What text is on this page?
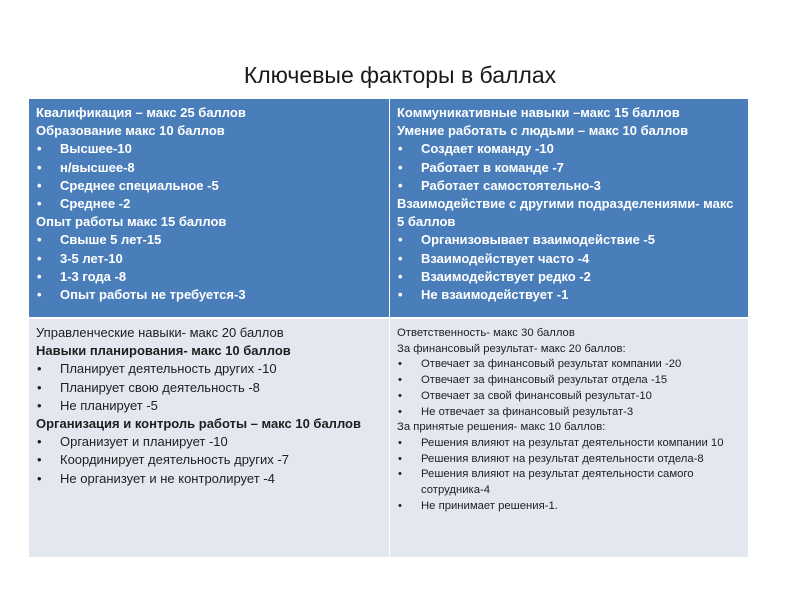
Ключевые факторы в баллах
Квалификация – макс 25 баллов
Образование макс 10 баллов
• Высшее-10
• н/высшее-8
• Среднее специальное -5
• Среднее -2
Опыт работы макс 15 баллов
• Свыше 5 лет-15
• 3-5 лет-10
• 1-3 года -8
• Опыт работы не требуется-3
Коммуникативные навыки –макс 15 баллов
Умение работать с людьми – макс 10 баллов
• Создает команду -10
• Работает в команде -7
• Работает самостоятельно-3
Взаимодействие с другими подразделениями- макс 5 баллов
• Организовывает взаимодействие -5
• Взаимодействует часто -4
• Взаимодействует редко -2
• Не взаимодействует -1
Управленческие навыки- макс 20 баллов
Навыки планирования- макс 10 баллов
• Планирует деятельность других -10
• Планирует свою деятельность -8
• Не планирует -5
Организация и контроль работы – макс 10 баллов
• Организует и планирует -10
• Координирует деятельность других -7
• Не организует и не контролирует -4
Ответственность- макс 30 баллов
За финансовый результат- макс 20 баллов:
• Отвечает за финансовый результат компании -20
• Отвечает за финансовый результат отдела -15
• Отвечает за свой финансовый результат-10
• Не отвечает за финансовый результат-3
За принятые решения- макс 10 баллов:
• Решения влияют на результат деятельности компании 10
• Решения влияют на результат деятельности отдела-8
• Решения влияют на результат деятельности самого сотрудника-4
• Не принимает решения-1.
